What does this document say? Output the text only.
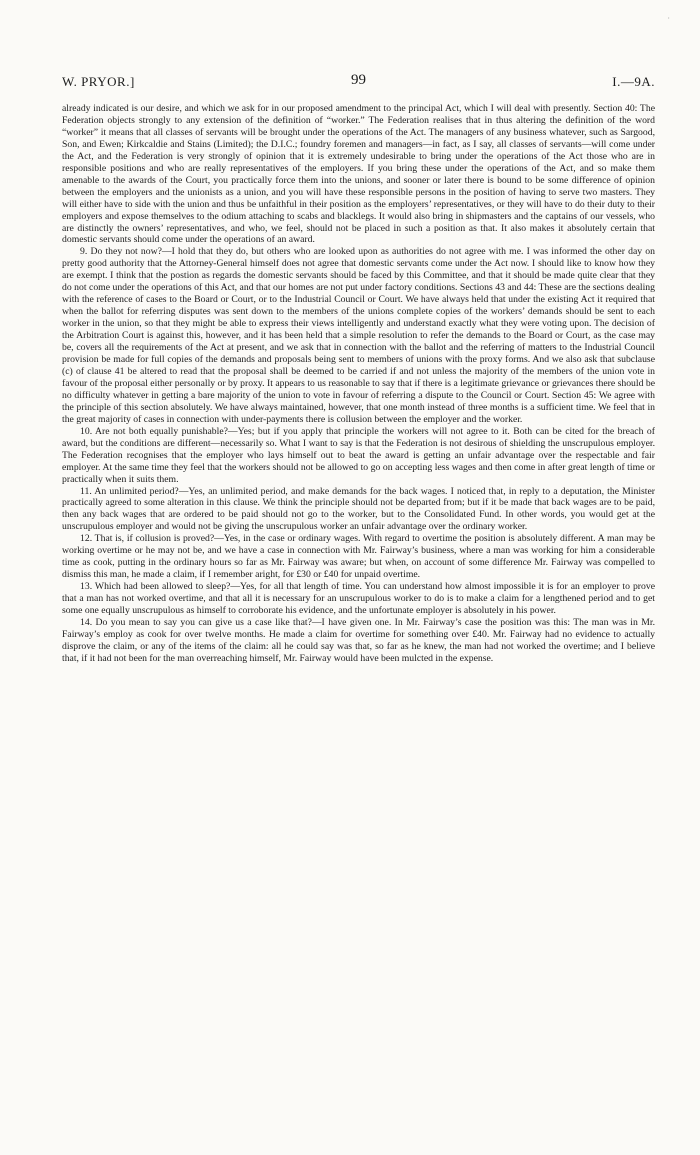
·
W. PRYOR.]	99	I.—9A.

already indicated is our desire, and which we ask for in our proposed amendment to the principal Act, which I will deal with presently. Section 40: The Federation objects strongly to any extension of the definition of “worker.” The Federation realises that in thus altering the definition of the word “worker” it means that all classes of servants will be brought under the operations of the Act. The managers of any business whatever, such as Sargood, Son, and Ewen; Kirkcaldie and Stains (Limited); the D.I.C.; foundry foremen and managers—in fact, as I say, all classes of servants—will come under the Act, and the Federation is very strongly of opinion that it is extremely undesirable to bring under the operations of the Act those who are in responsible positions and who are really representatives of the employers. If you bring these under the operations of the Act, and so make them amenable to the awards of the Court, you practically force them into the unions, and sooner or later there is bound to be some difference of opinion between the employers and the unionists as a union, and you will have these responsible persons in the position of having to serve two masters. They will either have to side with the union and thus be unfaithful in their position as the employers’ representatives, or they will have to do their duty to their employers and expose themselves to the odium attaching to scabs and blacklegs. It would also bring in shipmasters and the captains of our vessels, who are distinctly the owners’ representatives, and who, we feel, should not be placed in such a position as that. It also makes it absolutely certain that domestic servants should come under the operations of an award.

9. Do they not now?—I hold that they do, but others who are looked upon as authorities do not agree with me. I was informed the other day on pretty good authority that the Attorney-General himself does not agree that domestic servants come under the Act now. I should like to know how they are exempt. I think that the postion as regards the domestic servants should be faced by this Committee, and that it should be made quite clear that they do not come under the operations of this Act, and that our homes are not put under factory conditions. Sections 43 and 44: These are the sections dealing with the reference of cases to the Board or Court, or to the Industrial Council or Court. We have always held that under the existing Act it required that when the ballot for referring disputes was sent down to the members of the unions complete copies of the workers’ demands should be sent to each worker in the union, so that they might be able to express their views intelligently and understand exactly what they were voting upon. The decision of the Arbitration Court is against this, however, and it has been held that a simple resolution to refer the demands to the Board or Court, as the case may be, covers all the requirements of the Act at present, and we ask that in connection with the ballot and the referring of matters to the Industrial Council provision be made for full copies of the demands and proposals being sent to members of unions with the proxy forms. And we also ask that subclause (c) of clause 41 be altered to read that the proposal shall be deemed to be carried if and not unless the majority of the members of the union vote in favour of the proposal either personally or by proxy. It appears to us reasonable to say that if there is a legitimate grievance or grievances there should be no difficulty whatever in getting a bare majority of the union to vote in favour of referring a dispute to the Council or Court. Section 45: We agree with the principle of this section absolutely. We have always maintained, however, that one month instead of three months is a sufficient time. We feel that in the great majority of cases in connection with under-payments there is collusion between the employer and the worker.

10. Are not both equally punishable?—Yes; but if you apply that principle the workers will not agree to it. Both can be cited for the breach of award, but the conditions are different—necessarily so. What I want to say is that the Federation is not desirous of shielding the unscrupulous employer. The Federation recognises that the employer who lays himself out to beat the award is getting an unfair advantage over the respectable and fair employer. At the same time they feel that the workers should not be allowed to go on accepting less wages and then come in after great length of time or practically when it suits them.

11. An unlimited period?—Yes, an unlimited period, and make demands for the back wages. I noticed that, in reply to a deputation, the Minister practically agreed to some alteration in this clause. We think the principle should not be departed from; but if it be made that back wages are to be paid, then any back wages that are ordered to be paid should not go to the worker, but to the Consolidated Fund. In other words, you would get at the unscrupulous employer and would not be giving the unscrupulous worker an unfair advantage over the ordinary worker.

12. That is, if collusion is proved?—Yes, in the case or ordinary wages. With regard to overtime the position is absolutely different. A man may be working overtime or he may not be, and we have a case in connection with Mr. Fairway’s business, where a man was working for him a considerable time as cook, putting in the ordinary hours so far as Mr. Fairway was aware; but when, on account of some difference Mr. Fairway was compelled to dismiss this man, he made a claim, if I remember aright, for £30 or £40 for unpaid overtime.

13. Which had been allowed to sleep?—Yes, for all that length of time. You can understand how almost impossible it is for an employer to prove that a man has not worked overtime, and that all it is necessary for an unscrupulous worker to do is to make a claim for a lengthened period and to get some one equally unscrupulous as himself to corroborate his evidence, and the unfortunate employer is absolutely in his power.

14. Do you mean to say you can give us a case like that?—I have given one. In Mr. Fairway’s case the position was this: The man was in Mr. Fairway’s employ as cook for over twelve months. He made a claim for overtime for something over £40. Mr. Fairway had no evidence to actually disprove the claim, or any of the items of the claim: all he could say was that, so far as he knew, the man had not worked the overtime; and I believe that, if it had not been for the man overreaching himself, Mr. Fairway would have been mulcted in the expense.
